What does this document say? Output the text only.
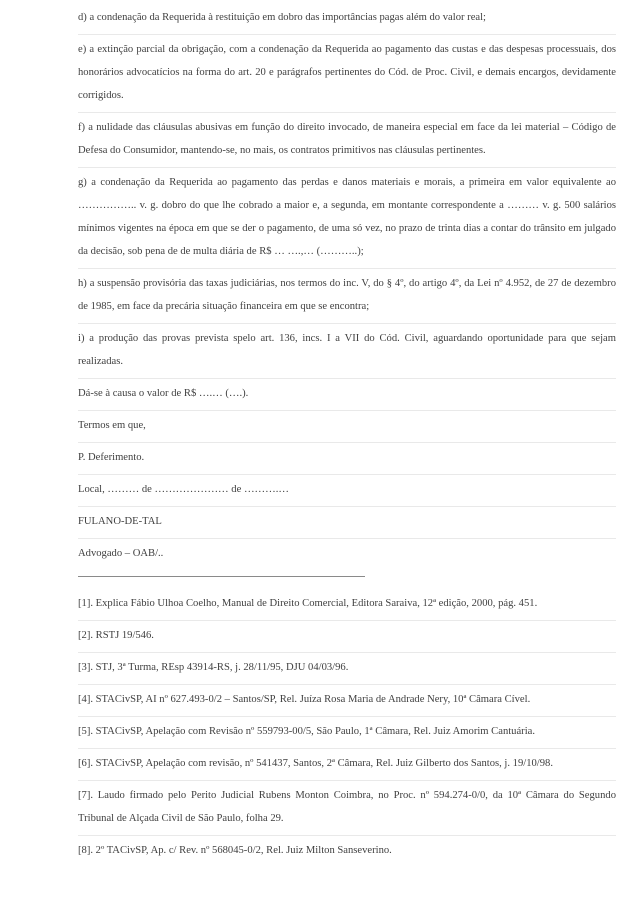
d) a condenação da Requerida à restituição em dobro das importâncias pagas além do valor real;

e) a extinção parcial da obrigação, com a condenação da Requerida ao pagamento das custas e das despesas processuais, dos honorários advocatícios na forma do art. 20 e parágrafos pertinentes do Cód. de Proc. Civil, e demais encargos, devidamente corrigidos.

f) a nulidade das cláusulas abusivas em função do direito invocado, de maneira especial em face da lei material – Código de Defesa do Consumidor, mantendo-se, no mais, os contratos primitivos nas cláusulas pertinentes.

g) a condenação da Requerida ao pagamento das perdas e danos materiais e morais, a primeira em valor equivalente ao …………….. v. g. dobro do que lhe cobrado a maior e, a segunda, em montante correspondente a ……… v. g. 500 salários mínimos vigentes na época em que se der o pagamento, de uma só vez, no prazo de trinta dias a contar do trânsito em julgado da decisão, sob pena de de multa diária de R$ … ….,… (………..);

h) a suspensão provisória das taxas judiciárias, nos termos do inc. V, do § 4º, do artigo 4º, da Lei nº 4.952, de 27 de dezembro de 1985, em face da precária situação financeira em que se encontra;

i) a produção das provas prevista spelo art. 136, incs. I a VII do Cód. Civil, aguardando oportunidade para que sejam realizadas.

Dá-se à causa o valor de R$ ….… (….).

Termos em que,

P. Deferimento.

Local, ……… de ………………… de ……….…

FULANO-DE-TAL

Advogado – OAB/..

[1]. Explica Fábio Ulhoa Coelho, Manual de Direito Comercial, Editora Saraiva, 12ª edição, 2000, pág. 451.

[2]. RSTJ 19/546.

[3]. STJ, 3ª Turma, REsp 43914-RS, j. 28/11/95, DJU 04/03/96.

[4]. STACivSP, AI nº 627.493-0/2 – Santos/SP, Rel. Juíza Rosa Maria de Andrade Nery, 10ª Câmara Cível.

[5]. STACivSP, Apelação com Revisão nº 559793-00/5, São Paulo, 1ª Câmara, Rel. Juiz Amorim Cantuária.

[6]. STACivSP, Apelação com revisão, nº 541437, Santos, 2ª Câmara, Rel. Juiz Gilberto dos Santos, j. 19/10/98.

[7]. Laudo firmado pelo Perito Judicial Rubens Monton Coimbra, no Proc. nº 594.274-0/0, da 10ª Câmara do Segundo Tribunal de Alçada Civil de São Paulo, folha 29.

[8]. 2º TACivSP, Ap. c/ Rev. nº 568045-0/2, Rel. Juiz Milton Sanseverino.
